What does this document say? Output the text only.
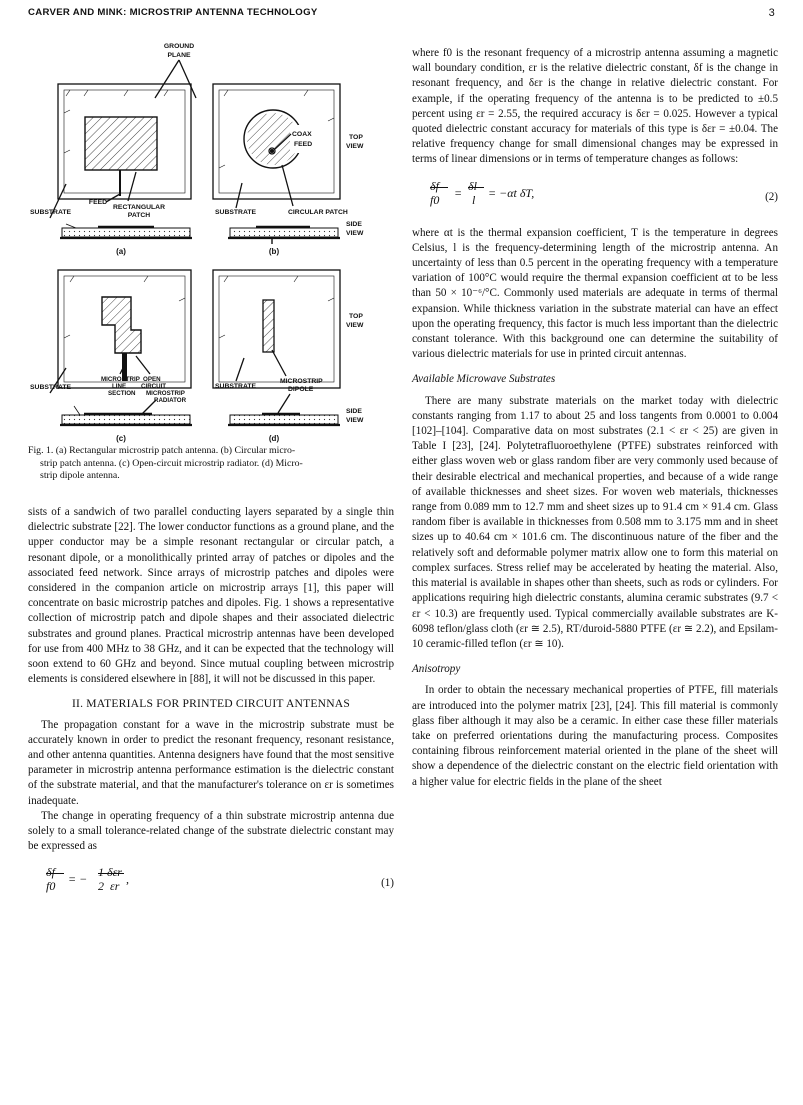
CARVER AND MINK: MICROSTRIP ANTENNA TECHNOLOGY	3
GROUND
PLANE
FEED
SUBSTRATE
RECTANGULAR
PATCH
(a)
COAX
FEED
TOP
VIEW
SUBSTRATE	CIRCULAR PATCH
SIDE
VIEW
(b)
MICROSTRIP
LINE
SECTION
OPEN
CIRCUIT
MICROSTRIP
RADIATOR
SUBSTRATE
(c)
TOP
VIEW
SUBSTRATE
MICROSTRIP
DIPOLE
SIDE
VIEW
(d)
Fig. 1. (a) Rectangular microstrip patch antenna. (b) Circular micro-
strip patch antenna. (c) Open-circuit microstrip radiator. (d) Micro-
strip dipole antenna.

sists of a sandwich of two parallel conducting layers separated by a single thin dielectric substrate [22]. The lower conductor functions as a ground plane, and the upper conductor may be a simple resonant rectangular or circular patch, a resonant dipole, or a monolithically printed array of patches or dipoles and the associated feed network. Since arrays of microstrip patches and dipoles were considered in the companion article on microstrip arrays [1], this paper will concentrate on basic microstrip patches and dipoles. Fig. 1 shows a representative collection of microstrip patch and dipole shapes and their associated dielectric substrates and ground planes. Practical microstrip antennas have been developed for use from 400 MHz to 38 GHz, and it can be expected that the technology will soon extend to 60 GHz and beyond. Since mutual coupling between microstrip elements is considered elsewhere in [88], it will not be discussed in this paper.

II. MATERIALS FOR PRINTED CIRCUIT ANTENNAS

The propagation constant for a wave in the microstrip substrate must be accurately known in order to predict the resonant frequency, resonant resistance, and other antenna quantities. Antenna designers have found that the most sensitive parameter in microstrip antenna performance estimation is the dielectric constant of the substrate material, and that the manufacturer's tolerance on εr is sometimes inadequate.

The change in operating frequency of a thin substrate microstrip antenna due solely to a small tolerance-related change of the substrate dielectric constant may be expressed as

δf
f0 = − 1 δεr
2  εr ,	(1)

where f0 is the resonant frequency of a microstrip antenna assuming a magnetic wall boundary condition, εr is the relative dielectric constant, δf is the change in resonant frequency, and δεr is the change in relative dielectric constant. For example, if the operating frequency of the antenna is to be predicted to ±0.5 percent using εr = 2.55, the required accuracy is δεr = 0.025. However a typical quoted dielectric constant accuracy for materials of this type is δεr = ±0.04. The relative frequency change for small dimensional changes may be expressed in terms of linear dimensions or in terms of temperature changes as follows:

δf
f0 = δl
l = −αt δT,	(2)

where αt is the thermal expansion coefficient, T is the temperature in degrees Celsius, l is the frequency-determining length of the microstrip antenna. An uncertainty of less than 0.5 percent in the operating frequency with a temperature variation of 100°C would require the thermal expansion coefficient αt to be less than 50 × 10⁻⁶/°C. Commonly used materials are adequate in terms of thermal expansion. While thickness variation in the substrate material can have an effect upon the operating frequency, this factor is much less important than the dielectric constant tolerance. With this background one can determine the suitability of various dielectric materials for use in printed circuit antennas.

Available Microwave Substrates

There are many substrate materials on the market today with dielectric constants ranging from 1.17 to about 25 and loss tangents from 0.0001 to 0.004 [102]–[104]. Comparative data on most substrates (2.1 < εr < 25) are given in Table I [23], [24]. Polytetrafluoroethylene (PTFE) substrates reinforced with either glass woven web or glass random fiber are very commonly used because of their desirable electrical and mechanical properties, and because of a wide range of available thicknesses and sheet sizes. For woven web materials, thicknesses range from 0.089 mm to 12.7 mm and sheet sizes up to 91.4 cm × 91.4 cm. Glass random fiber is available in thicknesses from 0.508 mm to 3.175 mm and in sheet sizes up to 40.64 cm × 101.6 cm. The discontinuous nature of the fiber and the relatively soft and deformable polymer matrix allow one to form this material on complex surfaces. Stress relief may be accelerated by heating the material. Also, this material is available in shapes other than sheets, such as rods or cylinders. For applications requiring high dielectric constants, alumina ceramic substrates (9.7 < εr < 10.3) are frequently used. Typical commercially available substrates are K-6098 teflon/glass cloth (εr ≅ 2.5), RT/duroid-5880 PTFE (εr ≅ 2.2), and Epsilam-10 ceramic-filled teflon (εr ≅ 10).

Anisotropy

In order to obtain the necessary mechanical properties of PTFE, fill materials are introduced into the polymer matrix [23], [24]. This fill material is commonly glass fiber although it may also be a ceramic. In either case these filler materials take on preferred orientations during the manufacturing process. Composites containing fibrous reinforcement material oriented in the plane of the sheet will show a dependence of the dielectric constant on the electric field orientation with a higher value for electric fields in the plane of the sheet
